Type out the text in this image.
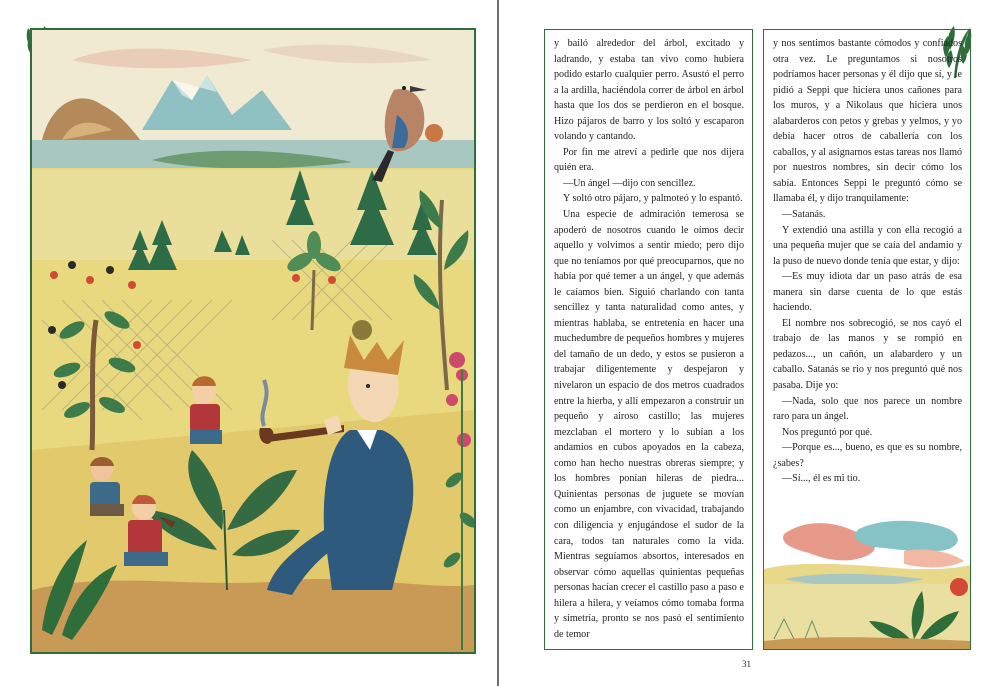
y bailó alrededor del árbol, excitado y ladrando, y estaba tan vivo como hubiera podido estarlo cualquier perro. Asustó el perro a la ardilla, haciéndola correr de árbol en árbol hasta que los dos se perdieron en el bosque. Hizo pájaros de barro y los soltó y escaparon volando y cantando.

Por fin me atreví a pedirle que nos dijera quién era.

—Un ángel —dijo con sencillez.

Y soltó otro pájaro, y palmoteó y lo espantó.

Una especie de admiración temerosa se apoderó de nosotros cuando le oímos decir aquello y volvimos a sentir miedo; pero dijo que no teníamos por qué preocuparnos, que no había por qué temer a un ángel, y que además le caíamos bien. Siguió charlando con tanta sencillez y tanta naturalidad como antes, y mientras hablaba, se entretenía en hacer una muchedumbre de pequeños hombres y mujeres del tamaño de un dedo, y estos se pusieron a trabajar diligentemente y despejaron y nivelaron un espacio de dos metros cuadrados entre la hierba, y allí empezaron a construir un pequeño y airoso castillo; las mujeres mezclaban el mortero y lo subían a los andamios en cubos apoyados en la cabeza, como han hecho nuestras obreras siempre; y los hombres ponían hileras de piedra... Quinientas personas de juguete se movían como un enjambre, con vivacidad, trabajando con diligencia y enjugándose el sudor de la cara, todos tan naturales como la vida. Mientras seguíamos absortos, interesados en observar cómo aquellas quinientas pequeñas personas hacían crecer el castillo paso a paso e hilera a hilera, y veíamos cómo tomaba forma y simetría, pronto se nos pasó el sentimiento de temor

y nos sentimos bastante cómodos y confiados otra vez. Le preguntamos si nosotros podríamos hacer personas y él dijo que sí, y le pidió a Seppi que hiciera unos cañones para los muros, y a Nikolaus que hiciera unos alabarderos con petos y grebas y yelmos, y yo debía hacer otros de caballería con los caballos, y al asignarnos estas tareas nos llamó por nuestros nombres, sin decir cómo los sabía. Entonces Seppi le preguntó cómo se llamaba él, y dijo tranquilamente:

—Satanás.

Y extendió una astilla y con ella recogió a una pequeña mujer que se caía del andamio y la puso de nuevo donde tenía que estar, y dijo:

—Es muy idiota dar un paso atrás de esa manera sin darse cuenta de lo que estás haciendo.

El nombre nos sobrecogió, se nos cayó el trabajo de las manos y se rompió en pedazos..., un cañón, un alabardero y un caballo. Satanás se rio y nos preguntó qué nos pasaba. Dije yo:

—Nada, solo que nos parece un nombre raro para un ángel.

Nos preguntó por qué.

—Porque es..., bueno, es que es su nombre, ¿sabes?

—Sí..., él es mi tío.

31
